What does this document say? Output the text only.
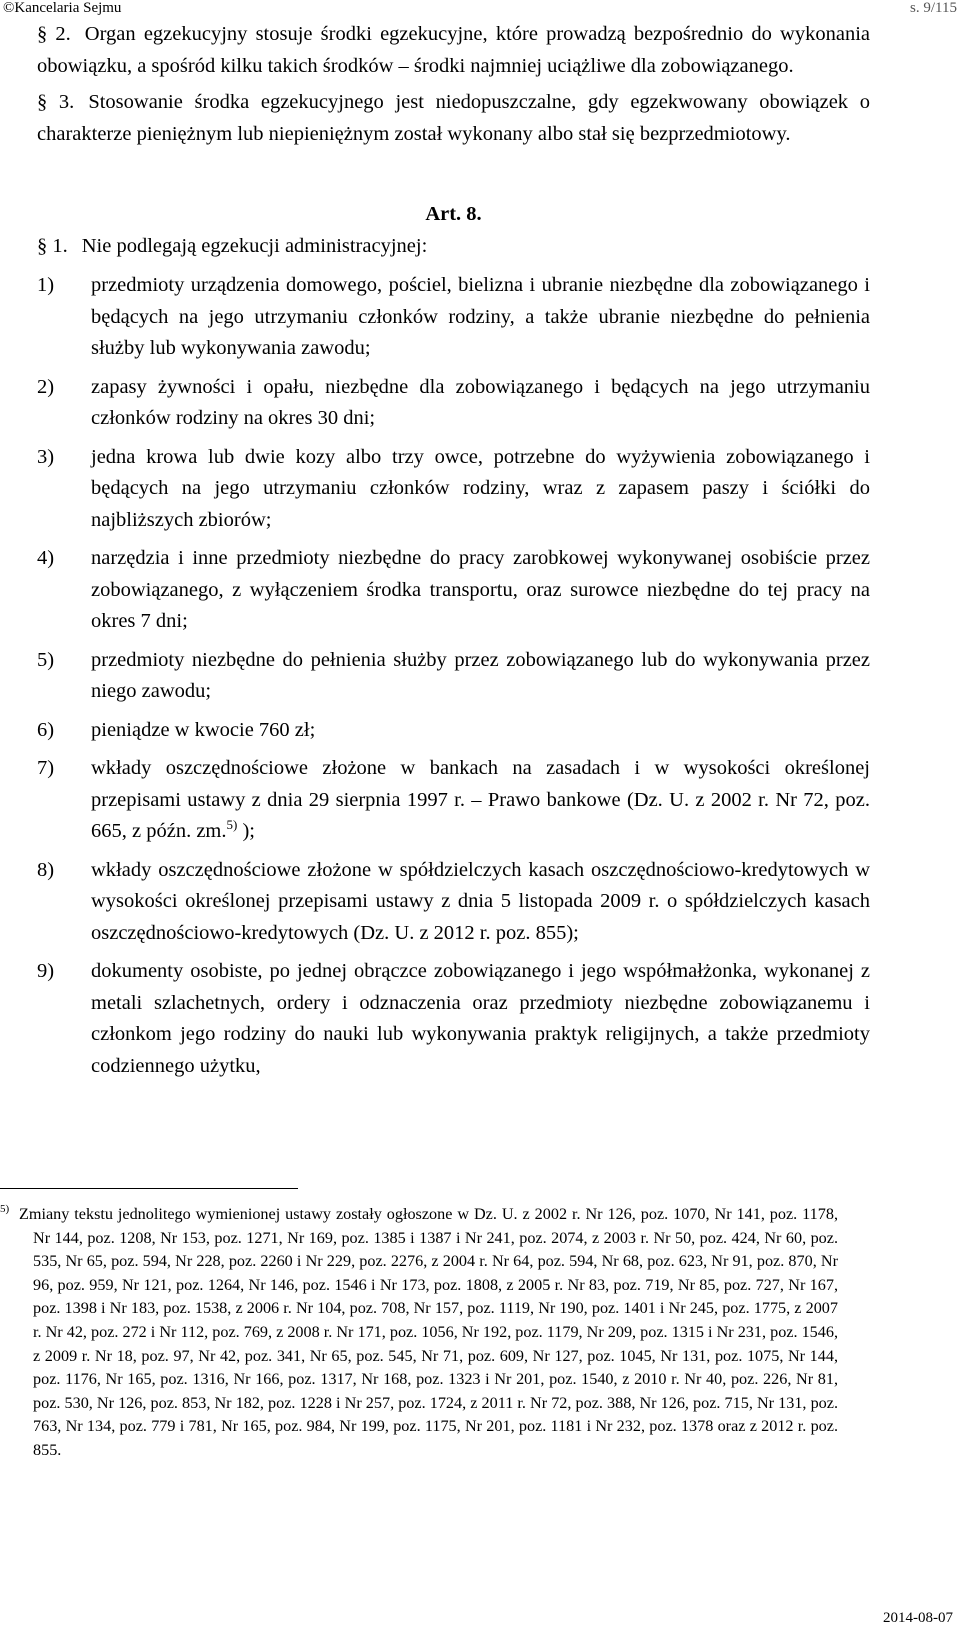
©Kancelaria Sejmu	s. 9/115

§ 2. Organ egzekucyjny stosuje środki egzekucyjne, które prowadzą bezpośrednio do wykonania obowiązku, a spośród kilku takich środków – środki najmniej uciążliwe dla zobowiązanego.

§ 3. Stosowanie środka egzekucyjnego jest niedopuszczalne, gdy egzekwowany obowiązek o charakterze pieniężnym lub niepieniężnym został wykonany albo stał się bezprzedmiotowy.

Art. 8.

§ 1. Nie podlegają egzekucji administracyjnej:

1) przedmioty urządzenia domowego, pościel, bielizna i ubranie niezbędne dla zobowiązanego i będących na jego utrzymaniu członków rodziny, a także ubranie niezbędne do pełnienia służby lub wykonywania zawodu;
2) zapasy żywności i opału, niezbędne dla zobowiązanego i będących na jego utrzymaniu członków rodziny na okres 30 dni;
3) jedna krowa lub dwie kozy albo trzy owce, potrzebne do wyżywienia zobowiązanego i będących na jego utrzymaniu członków rodziny, wraz z zapasem paszy i ściółki do najbliższych zbiorów;
4) narzędzia i inne przedmioty niezbędne do pracy zarobkowej wykonywanej osobiście przez zobowiązanego, z wyłączeniem środka transportu, oraz surowce niezbędne do tej pracy na okres 7 dni;
5) przedmioty niezbędne do pełnienia służby przez zobowiązanego lub do wykonywania przez niego zawodu;
6) pieniądze w kwocie 760 zł;
7) wkłady oszczędnościowe złożone w bankach na zasadach i w wysokości określonej przepisami ustawy z dnia 29 sierpnia 1997 r. – Prawo bankowe (Dz. U. z 2002 r. Nr 72, poz. 665, z późn. zm.$^{5)}$ );
8) wkłady oszczędnościowe złożone w spółdzielczych kasach oszczędnościowo-kredytowych w wysokości określonej przepisami ustawy z dnia 5 listopada 2009 r. o spółdzielczych kasach oszczędnościowo-kredytowych (Dz. U. z 2012 r. poz. 855);
9) dokumenty osobiste, po jednej obrączce zobowiązanego i jego współmałżonka, wykonanej z metali szlachetnych, ordery i odznaczenia oraz przedmioty niezbędne zobowiązanemu i członkom jego rodziny do nauki lub wykonywania praktyk religijnych, a także przedmioty codziennego użytku,
5) Zmiany tekstu jednolitego wymienionej ustawy zostały ogłoszone w Dz. U. z 2002 r. Nr 126, poz. 1070, Nr 141, poz. 1178, Nr 144, poz. 1208, Nr 153, poz. 1271, Nr 169, poz. 1385 i 1387 i Nr 241, poz. 2074, z 2003 r. Nr 50, poz. 424, Nr 60, poz. 535, Nr 65, poz. 594, Nr 228, poz. 2260 i Nr 229, poz. 2276, z 2004 r. Nr 64, poz. 594, Nr 68, poz. 623, Nr 91, poz. 870, Nr 96, poz. 959, Nr 121, poz. 1264, Nr 146, poz. 1546 i Nr 173, poz. 1808, z 2005 r. Nr 83, poz. 719, Nr 85, poz. 727, Nr 167, poz. 1398 i Nr 183, poz. 1538, z 2006 r. Nr 104, poz. 708, Nr 157, poz. 1119, Nr 190, poz. 1401 i Nr 245, poz. 1775, z 2007 r. Nr 42, poz. 272 i Nr 112, poz. 769, z 2008 r. Nr 171, poz. 1056, Nr 192, poz. 1179, Nr 209, poz. 1315 i Nr 231, poz. 1546, z 2009 r. Nr 18, poz. 97, Nr 42, poz. 341, Nr 65, poz. 545, Nr 71, poz. 609, Nr 127, poz. 1045, Nr 131, poz. 1075, Nr 144, poz. 1176, Nr 165, poz. 1316, Nr 166, poz. 1317, Nr 168, poz. 1323 i Nr 201, poz. 1540, z 2010 r. Nr 40, poz. 226, Nr 81, poz. 530, Nr 126, poz. 853, Nr 182, poz. 1228 i Nr 257, poz. 1724, z 2011 r. Nr 72, poz. 388, Nr 126, poz. 715, Nr 131, poz. 763, Nr 134, poz. 779 i 781, Nr 165, poz. 984, Nr 199, poz. 1175, Nr 201, poz. 1181 i Nr 232, poz. 1378 oraz z 2012 r. poz. 855.
2014-08-07
